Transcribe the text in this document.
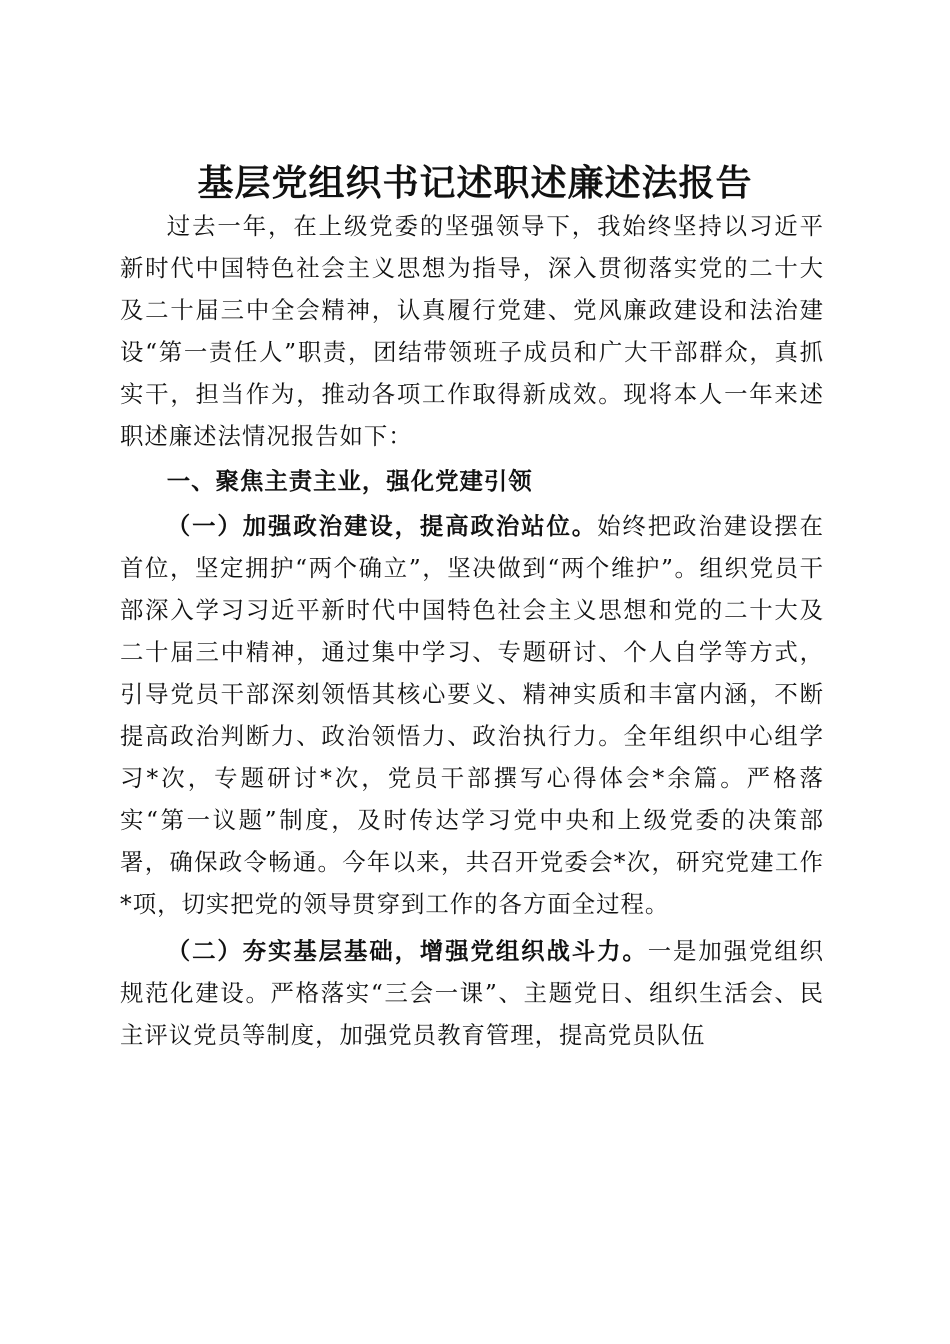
基层党组织书记述职述廉述法报告

过去一年，在上级党委的坚强领导下，我始终坚持以习近平新时代中国特色社会主义思想为指导，深入贯彻落实党的二十大及二十届三中全会精神，认真履行党建、党风廉政建设和法治建设“第一责任人”职责，团结带领班子成员和广大干部群众，真抓实干，担当作为，推动各项工作取得新成效。现将本人一年来述职述廉述法情况报告如下：

一、聚焦主责主业，强化党建引领

（一）加强政治建设，提高政治站位。始终把政治建设摆在首位，坚定拥护“两个确立”，坚决做到“两个维护”。组织党员干部深入学习习近平新时代中国特色社会主义思想和党的二十大及二十届三中精神，通过集中学习、专题研讨、个人自学等方式，引导党员干部深刻领悟其核心要义、精神实质和丰富内涵，不断提高政治判断力、政治领悟力、政治执行力。全年组织中心组学习*次，专题研讨*次，党员干部撰写心得体会*余篇。严格落实“第一议题”制度，及时传达学习党中央和上级党委的决策部署，确保政令畅通。今年以来，共召开党委会*次，研究党建工作*项，切实把党的领导贯穿到工作的各方面全过程。

（二）夯实基层基础，增强党组织战斗力。一是加强党组织规范化建设。严格落实“三会一课”、主题党日、组织生活会、民主评议党员等制度，加强党员教育管理，提高党员队伍
